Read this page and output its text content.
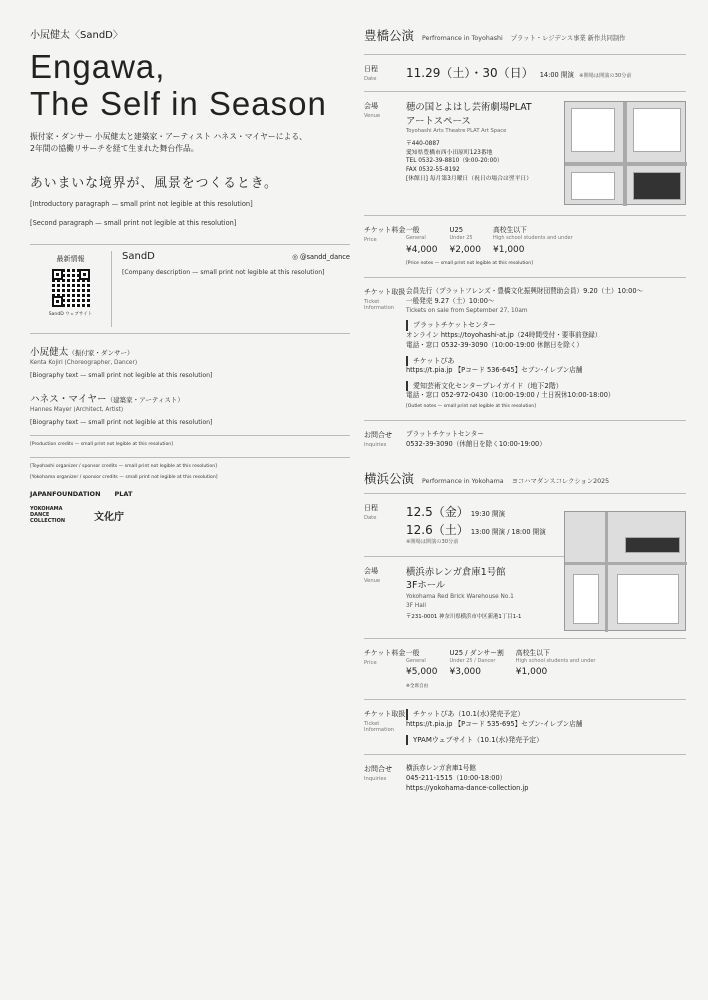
小㞍健太〈SandD〉
Engawa,
The Self in Season
振付家・ダンサー 小㞍健太と建築家・アーティスト ハネス・マイヤーによる、
2年間の協働リサーチを経て生まれた舞台作品。
あいまいな境界が、風景をつくるとき。
[Introductory paragraph — small print not legible at this resolution]
[Second paragraph — small print not legible at this resolution]
最新情報
SandD ウェブサイト
SandD	◎ @sandd_dance
[Company description — small print not legible at this resolution]
小㞍健太（振付家・ダンサー）
Kenta Kojiri (Choreographer, Dancer)
[Biography text — small print not legible at this resolution]
ハネス・マイヤー（建築家・アーティスト）
Hannes Mayer (Architect, Artist)
[Biography text — small print not legible at this resolution]
[Production credits — small print not legible at this resolution]
[Toyohashi organizer / sponsor credits — small print not legible at this resolution]
[Yokohama organizer / sponsor credits — small print not legible at this resolution]
JAPANFOUNDATION PLAT
YOKOHAMA DANCE COLLECTION	文化庁
豊橋公演 Perfromance in Toyohashi プラット・レジデンス事業 新作共同制作
日程
Date	11.29（土）・30（日） 14:00 開演 ※開場は開演の30分前
会場
Venue
穂の国とよはし芸術劇場PLAT
アートスペース
Toyohashi Arts Theatre PLAT Art Space
〒440-0887
愛知県豊橋市西小田原町123番地
TEL 0532-39-8810（9:00-20:00）
FAX 0532-55-8192
[休館日] 毎月第3月曜日（祝日の場合は翌平日）
チケット料金
Price
一般
General
¥4,000
U25
Under 25
¥2,000
高校生以下
High school students and under
¥1,000
[Price notes — small print not legible at this resolution]
チケット取扱
Ticket Information
会員先行（プラットフレンズ・豊橋文化振興財団賛助会員）9.20（土）10:00～
一般発売 9.27（土）10:00～
Tickets on sale from September 27, 10am
プラットチケットセンター
オンライン https://toyohashi-at.jp（24時間受付・要事前登録）
電話・窓口 0532-39-3090（10:00-19:00 休館日を除く）
チケットぴあ
https://t.pia.jp 【Pコード 536-645】セブン-イレブン店舗
愛知芸術文化センタープレイガイド（地下2階）
電話・窓口 052-972-0430（10:00-19:00 / 土日祝休10:00-18:00）
[Outlet notes — small print not legible at this resolution]
お問合せ
Inquiries
プラットチケットセンター
0532-39-3090（休館日を除く10:00-19:00）
横浜公演 Performance in Yokohama ヨコハマダンスコレクション2025
日程
Date	12.5（金） 19:30 開演
12.6（土） 13:00 開演 / 18:00 開演
※開場は開演の30分前
会場
Venue
横浜赤レンガ倉庫1号館
3Fホール
Yokohama Red Brick Warehouse No.1
3F Hall
〒231-0001 神奈川県横浜市中区新港1丁目1-1
チケット料金
Price
一般
General
¥5,000
U25 / ダンサー割
Under 25 / Dancer
¥3,000
高校生以下
High school students and under
¥1,000
※全席自由
チケット取扱
Ticket Information
チケットぴあ（10.1(水)発売予定）
https://t.pia.jp 【Pコード 535-695】セブン-イレブン店舗
YPAMウェブサイト（10.1(水)発売予定）
お問合せ
Inquiries
横浜赤レンガ倉庫1号館
045-211-1515（10:00-18:00）
https://yokohama-dance-collection.jp
